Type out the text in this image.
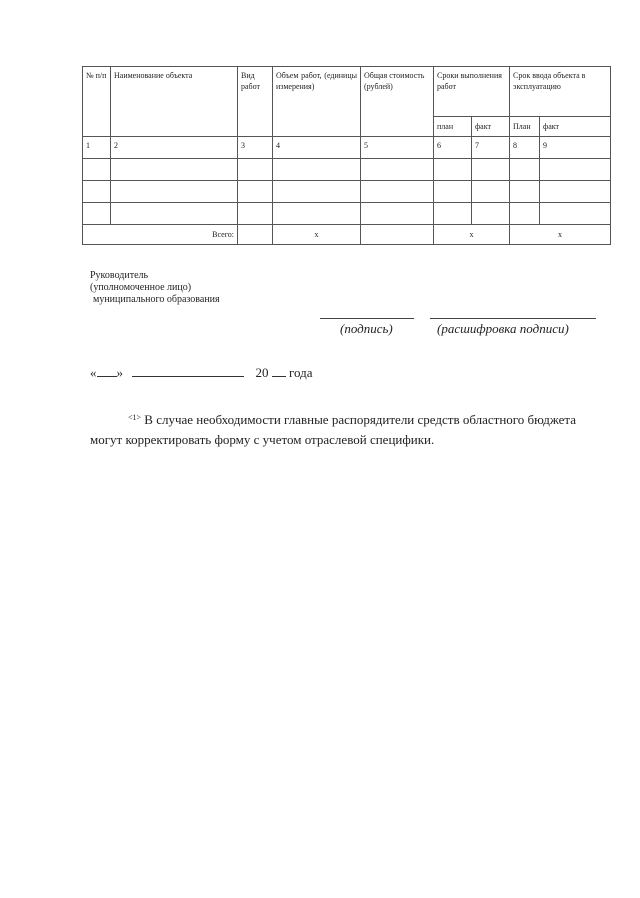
№ п/п	Наименование объекта	Вид работ	Объем работ, (единицы измерения)	Общая стоимость (рублей)	Сроки выполнения работ		Срок ввода объекта в эксплуатацию	
					план	факт	План	факт
1	2	3	4	5	6	7	8	9

Всего:			x		x		x	
Руководитель
(уполномоченное лицо)
муниципального образования
(подпись)	(расшифровка подписи)
« »	20 года
$^{<1>}$ В случае необходимости главные распорядители средств областного бюджета могут корректировать форму с учетом отраслевой специфики.
